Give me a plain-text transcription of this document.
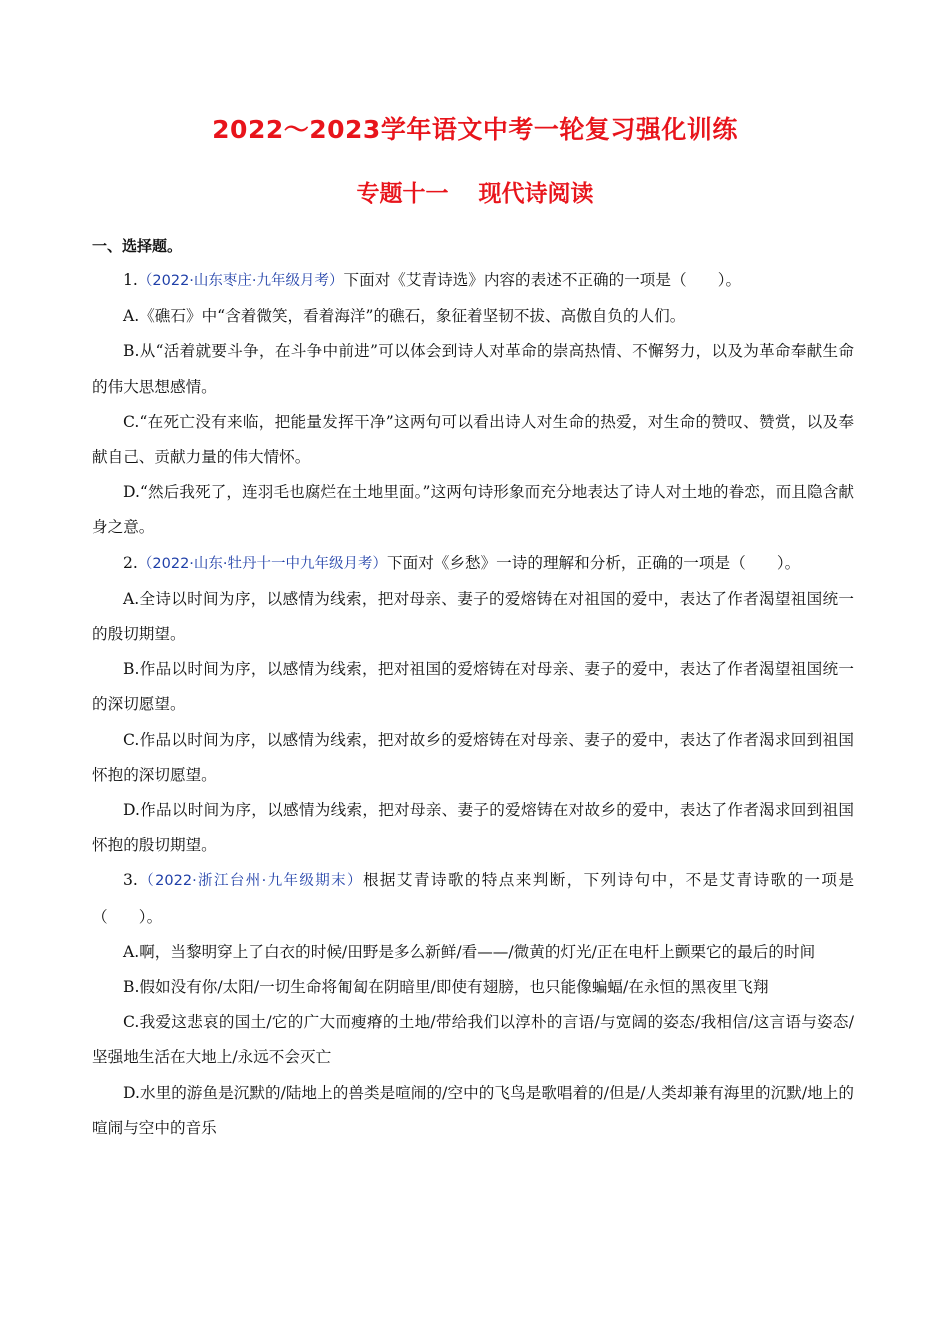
2022～2023学年语文中考一轮复习强化训练
专题十一 现代诗阅读
一、选择题。

1.（2022·山东枣庄·九年级月考）下面对《艾青诗选》内容的表述不正确的一项是（　　）。

A.《礁石》中“含着微笑，看着海洋”的礁石，象征着坚韧不拔、高傲自负的人们。

B.从“活着就要斗争，在斗争中前进”可以体会到诗人对革命的崇高热情、不懈努力，以及为革命奉献生命的伟大思想感情。

C.“在死亡没有来临，把能量发挥干净”这两句可以看出诗人对生命的热爱，对生命的赞叹、赞赏，以及奉献自己、贡献力量的伟大情怀。

D.“然后我死了，连羽毛也腐烂在土地里面。”这两句诗形象而充分地表达了诗人对土地的眷恋，而且隐含献身之意。

2.（2022·山东·牡丹十一中九年级月考）下面对《乡愁》一诗的理解和分析，正确的一项是（　　）。

A.全诗以时间为序，以感情为线索，把对母亲、妻子的爱熔铸在对祖国的爱中，表达了作者渴望祖国统一的殷切期望。

B.作品以时间为序，以感情为线索，把对祖国的爱熔铸在对母亲、妻子的爱中，表达了作者渴望祖国统一的深切愿望。

C.作品以时间为序，以感情为线索，把对故乡的爱熔铸在对母亲、妻子的爱中，表达了作者渴求回到祖国怀抱的深切愿望。

D.作品以时间为序，以感情为线索，把对母亲、妻子的爱熔铸在对故乡的爱中，表达了作者渴求回到祖国怀抱的殷切期望。

3.（2022·浙江台州·九年级期末）根据艾青诗歌的特点来判断，下列诗句中，不是艾青诗歌的一项是（　　）。

A.啊，当黎明穿上了白衣的时候/田野是多么新鲜/看——/微黄的灯光/正在电杆上颤栗它的最后的时间

B.假如没有你/太阳/一切生命将匍匐在阴暗里/即使有翅膀，也只能像蝙蝠/在永恒的黑夜里飞翔

C.我爱这悲哀的国土/它的广大而瘦瘠的土地/带给我们以淳朴的言语/与宽阔的姿态/我相信/这言语与姿态/坚强地生活在大地上/永远不会灭亡

D.水里的游鱼是沉默的/陆地上的兽类是喧闹的/空中的飞鸟是歌唱着的/但是/人类却兼有海里的沉默/地上的喧闹与空中的音乐
